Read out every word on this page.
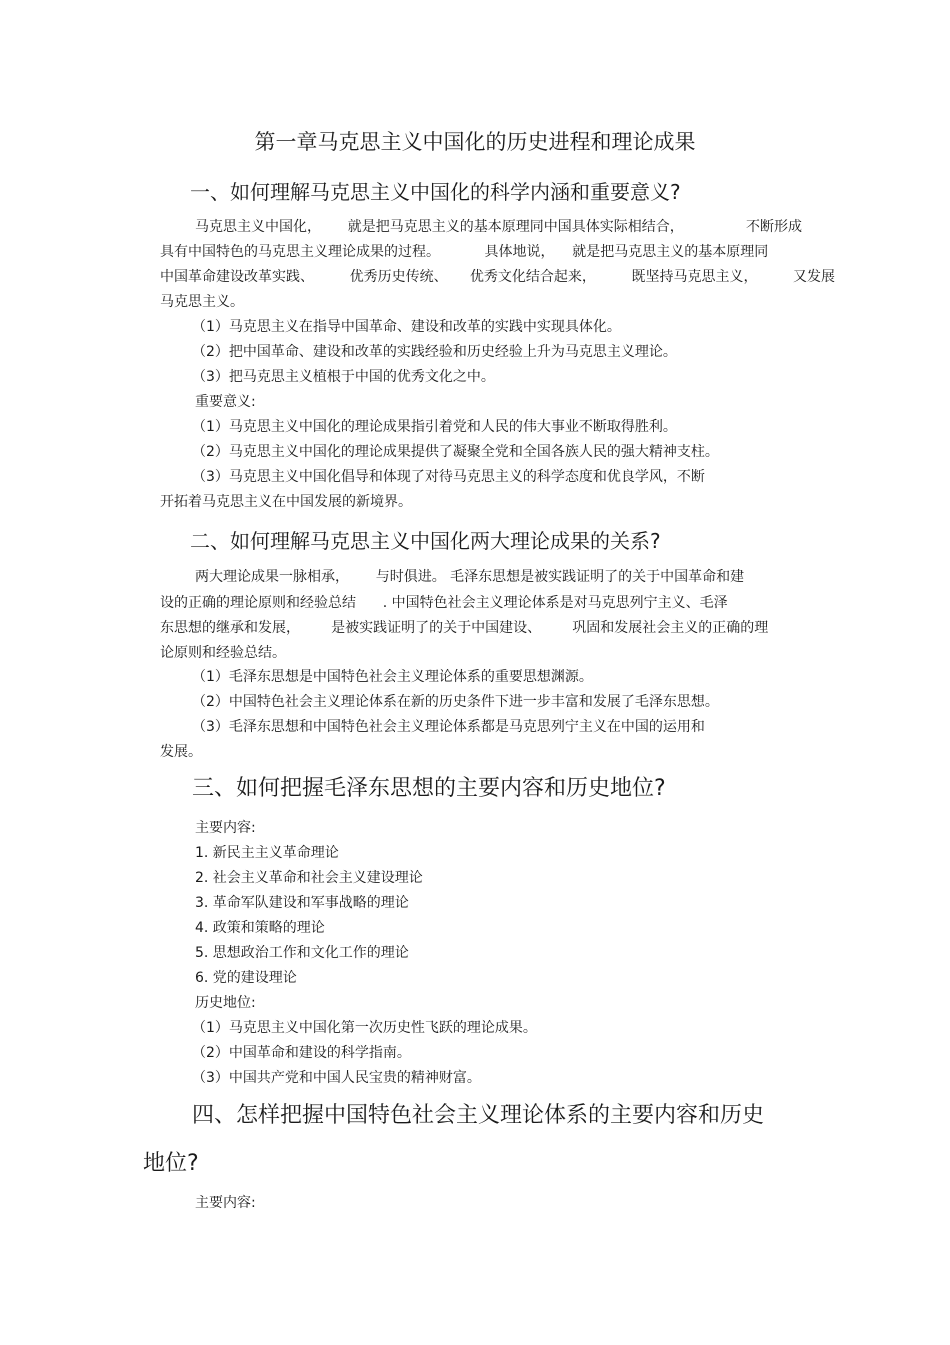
第一章马克思主义中国化的历史进程和理论成果
一、如何理解马克思主义中国化的科学内涵和重要意义?
马克思主义中国化，      就是把马克思主义的基本原理同中国具体实际相结合，              不断形成
具有中国特色的马克思主义理论成果的过程。          具体地说，    就是把马克思主义的基本原理同
中国革命建设改革实践、        优秀历史传统、     优秀文化结合起来，        既坚持马克思主义，        又发展
马克思主义。
（1）马克思主义在指导中国革命、建设和改革的实践中实现具体化。
（2）把中国革命、建设和改革的实践经验和历史经验上升为马克思主义理论。
（3）把马克思主义植根于中国的优秀文化之中。
重要意义:
（1）马克思主义中国化的理论成果指引着党和人民的伟大事业不断取得胜利。
（2）马克思主义中国化的理论成果提供了凝聚全党和全国各族人民的强大精神支柱。
（3）马克思主义中国化倡导和体现了对待马克思主义的科学态度和优良学风，不断
开拓着马克思主义在中国发展的新境界。
二、如何理解马克思主义中国化两大理论成果的关系?
两大理论成果一脉相承，      与时俱进。 毛泽东思想是被实践证明了的关于中国革命和建
设的正确的理论原则和经验总结      . 中国特色社会主义理论体系是对马克思列宁主义、毛泽
东思想的继承和发展，       是被实践证明了的关于中国建设、       巩固和发展社会主义的正确的理
论原则和经验总结。
（1）毛泽东思想是中国特色社会主义理论体系的重要思想渊源。
（2）中国特色社会主义理论体系在新的历史条件下进一步丰富和发展了毛泽东思想。
（3）毛泽东思想和中国特色社会主义理论体系都是马克思列宁主义在中国的运用和
发展。
三、如何把握毛泽东思想的主要内容和历史地位?
主要内容:
1. 新民主主义革命理论
2. 社会主义革命和社会主义建设理论
3. 革命军队建设和军事战略的理论
4. 政策和策略的理论
5. 思想政治工作和文化工作的理论
6. 党的建设理论
历史地位:
（1）马克思主义中国化第一次历史性飞跃的理论成果。
（2）中国革命和建设的科学指南。
（3）中国共产党和中国人民宝贵的精神财富。
四、怎样把握中国特色社会主义理论体系的主要内容和历史
地位?
主要内容:
